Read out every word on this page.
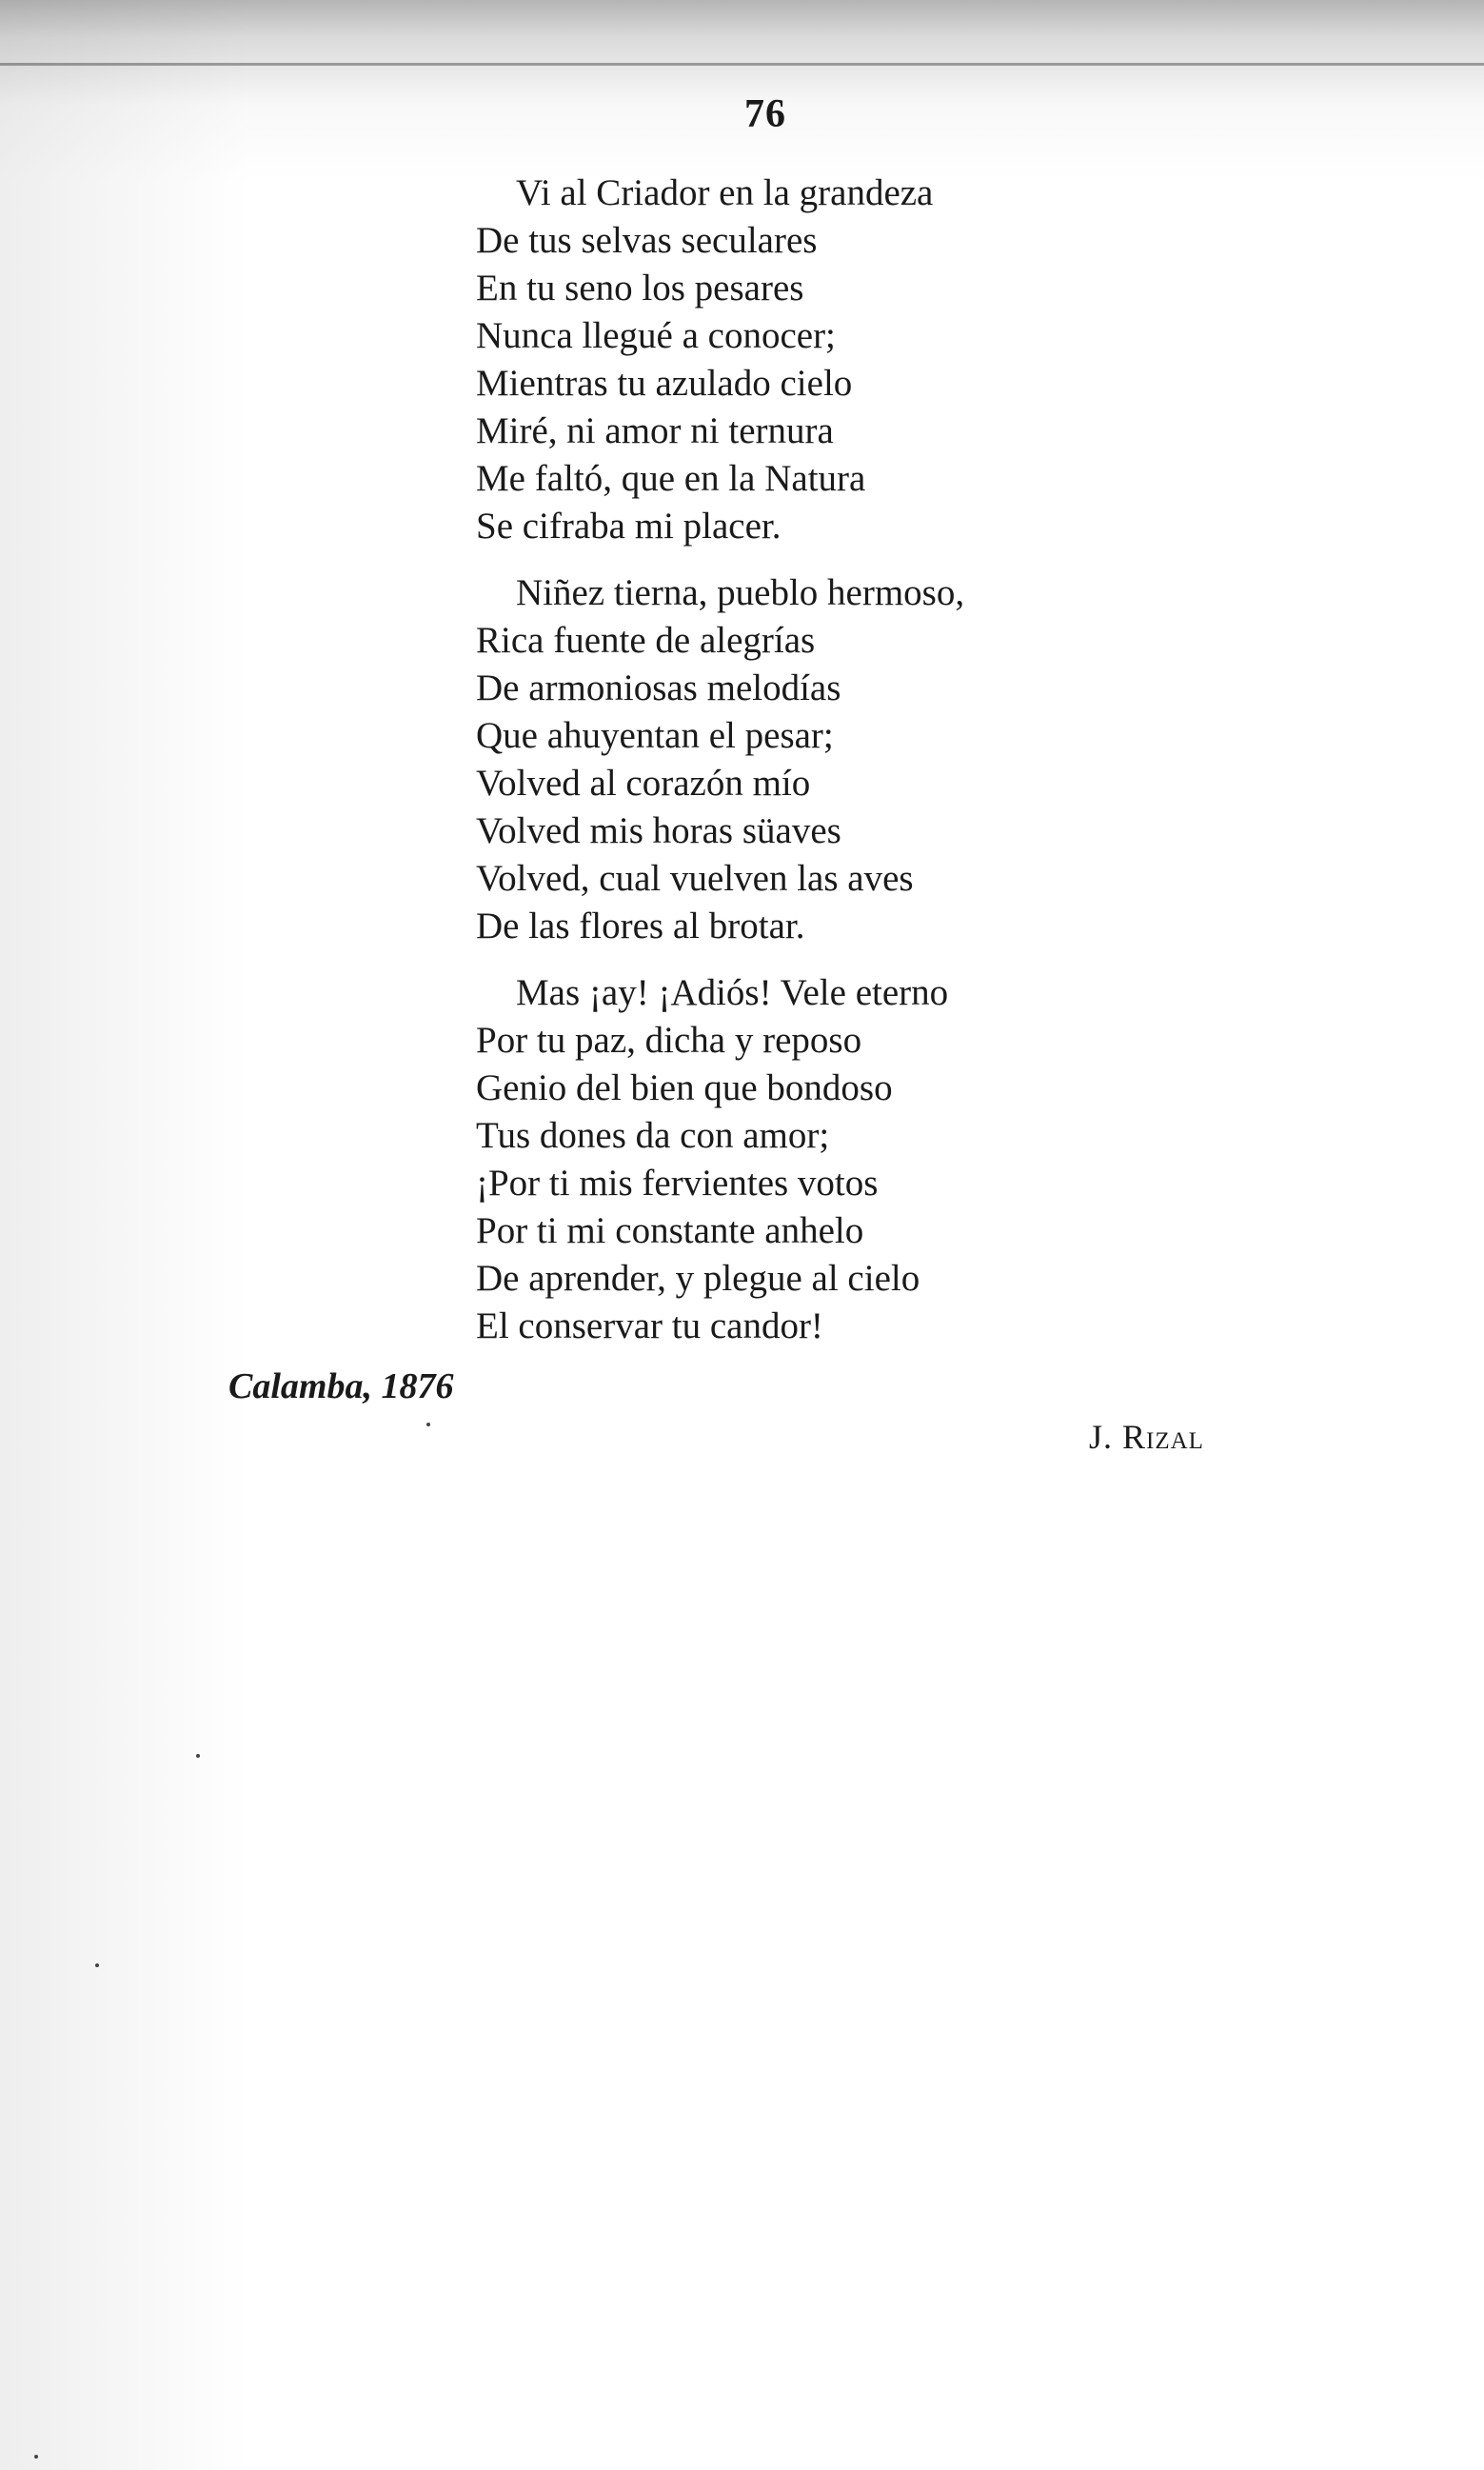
76
Vi al Criador en la grandeza
De tus selvas seculares
En tu seno los pesares
Nunca llegué a conocer;
Mientras tu azulado cielo
Miré, ni amor ni ternura
Me faltó, que en la Natura
Se cifraba mi placer.
Niñez tierna, pueblo hermoso,
Rica fuente de alegrías
De armoniosas melodías
Que ahuyentan el pesar;
Volved al corazón mío
Volved mis horas süaves
Volved, cual vuelven las aves
De las flores al brotar.
Mas ¡ay! ¡Adiós! Vele eterno
Por tu paz, dicha y reposo
Genio del bien que bondoso
Tus dones da con amor;
¡Por ti mis fervientes votos
Por ti mi constante anhelo
De aprender, y plegue al cielo
El conservar tu candor!
Calamba, 1876
J. Rizal
